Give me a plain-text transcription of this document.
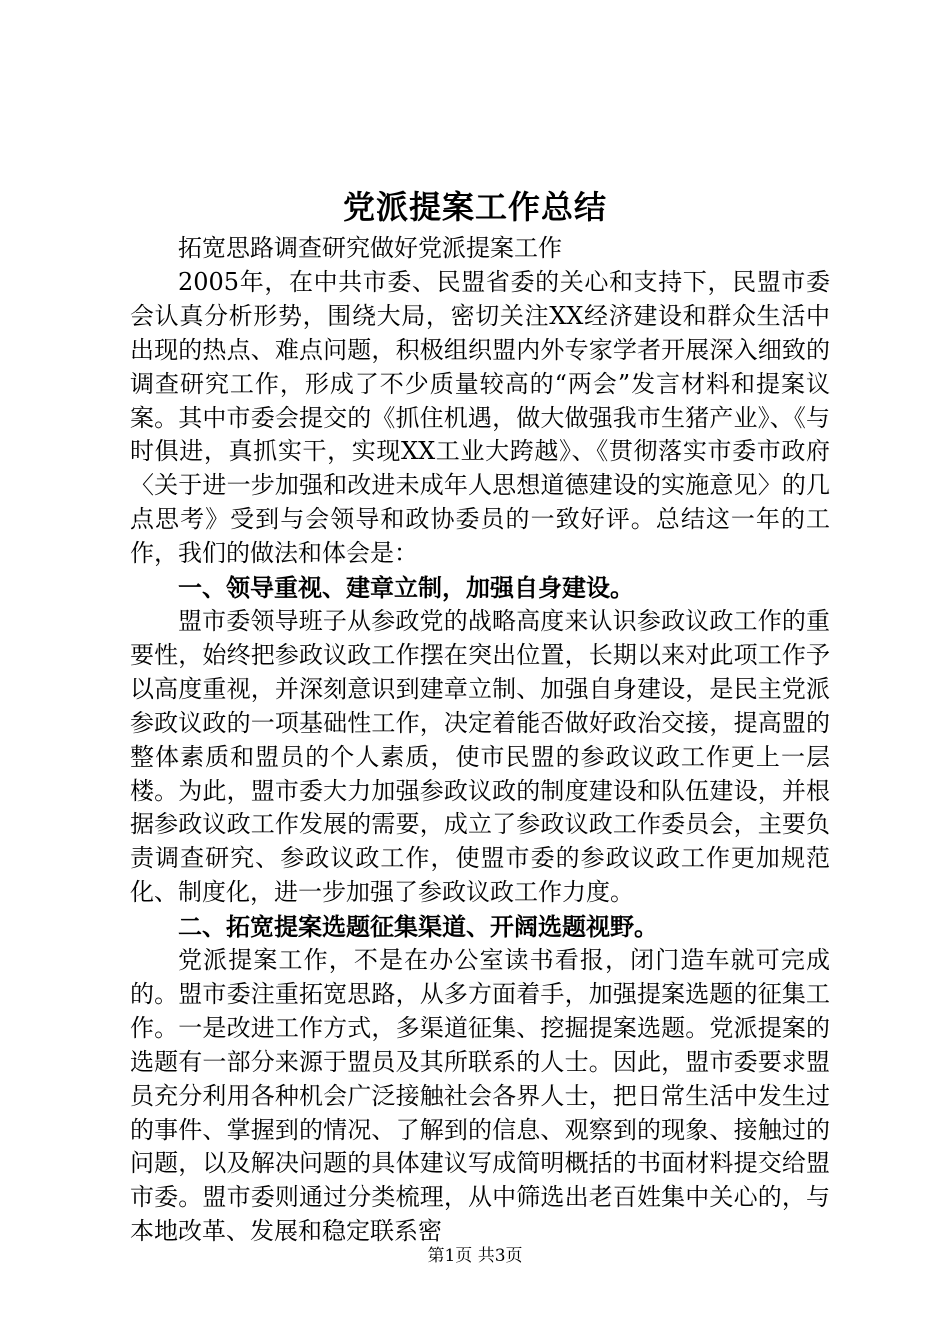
党派提案工作总结

拓宽思路调查研究做好党派提案工作

2005年，在中共市委、民盟省委的关心和支持下，民盟市委会认真分析形势，围绕大局，密切关注XX经济建设和群众生活中出现的热点、难点问题，积极组织盟内外专家学者开展深入细致的调查研究工作，形成了不少质量较高的“两会”发言材料和提案议案。其中市委会提交的《抓住机遇，做大做强我市生猪产业》、《与时俱进，真抓实干，实现XX工业大跨越》、《贯彻落实市委市政府〈关于进一步加强和改进未成年人思想道德建设的实施意见〉的几点思考》受到与会领导和政协委员的一致好评。总结这一年的工作，我们的做法和体会是：

一、领导重视、建章立制，加强自身建设。

盟市委领导班子从参政党的战略高度来认识参政议政工作的重要性，始终把参政议政工作摆在突出位置，长期以来对此项工作予以高度重视，并深刻意识到建章立制、加强自身建设，是民主党派参政议政的一项基础性工作，决定着能否做好政治交接，提高盟的整体素质和盟员的个人素质，使市民盟的参政议政工作更上一层楼。为此，盟市委大力加强参政议政的制度建设和队伍建设，并根据参政议政工作发展的需要，成立了参政议政工作委员会，主要负责调查研究、参政议政工作，使盟市委的参政议政工作更加规范化、制度化，进一步加强了参政议政工作力度。

二、拓宽提案选题征集渠道、开阔选题视野。

党派提案工作，不是在办公室读书看报，闭门造车就可完成的。盟市委注重拓宽思路，从多方面着手，加强提案选题的征集工作。一是改进工作方式，多渠道征集、挖掘提案选题。党派提案的选题有一部分来源于盟员及其所联系的人士。因此，盟市委要求盟员充分利用各种机会广泛接触社会各界人士，把日常生活中发生过的事件、掌握到的情况、了解到的信息、观察到的现象、接触过的问题，以及解决问题的具体建议写成简明概括的书面材料提交给盟市委。盟市委则通过分类梳理，从中筛选出老百姓集中关心的，与本地改革、发展和稳定联系密

第1页 共3页
